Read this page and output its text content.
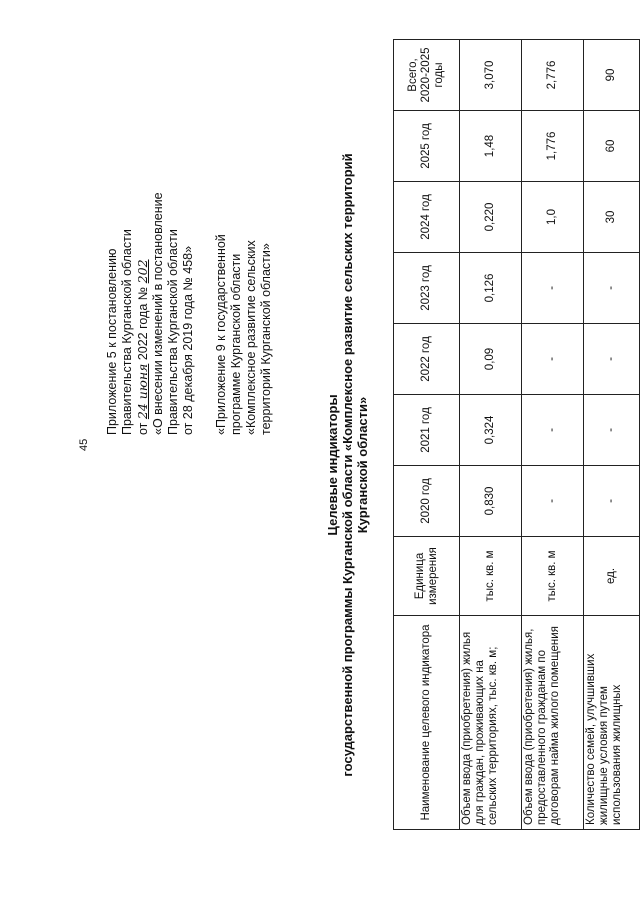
45
Приложение 5 к постановлению Правительства Курганской области от 24 июня 2022 года № 202 «О внесении изменений в постановление Правительства Курганской области от 28 декабря 2019 года № 458» «Приложение 9 к государственной программе Курганской области «Комплексное развитие сельских территорий Курганской области»
Целевые индикаторы государственной программы Курганской области «Комплексное развитие сельских территорий Курганской области»
Наименование целевого индикатора	Единица измерения	2020 год	2021 год	2022 год	2023 год	2024 год	2025 год	Всего, 2020-2025 годы
Объем ввода (приобретения) жилья для граждан, проживающих на сельских территориях, тыс. кв. м;	тыс. кв. м	0,830	0,324	0,09	0,126	0,220	1,48	3,070
Объем ввода (приобретения) жилья, предоставленного гражданам по договорам найма жилого помещения	тыс. кв. м	-	-	-	-	1,0	1,776	2,776
Количество семей, улучшивших жилищные условия путем использования жилищных	ед.	-	-	-	-	30	60	90
